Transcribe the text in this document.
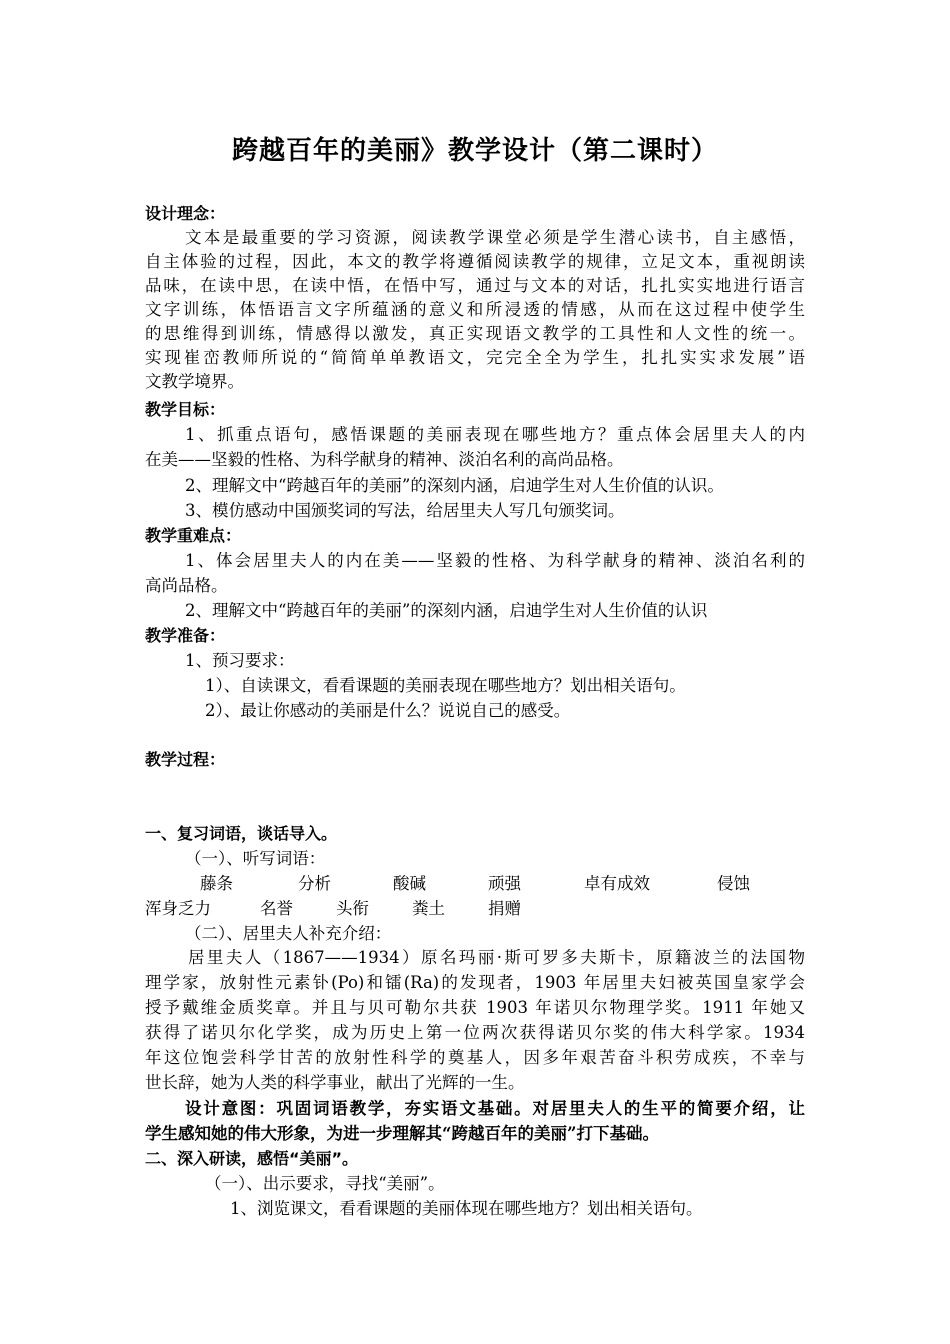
跨越百年的美丽》教学设计（第二课时）
设计理念：
文本是最重要的学习资源，阅读教学课堂必须是学生潜心读书，自主感悟，
自主体验的过程，因此，本文的教学将遵循阅读教学的规律，立足文本，重视朗读
品味，在读中思，在读中悟，在悟中写，通过与文本的对话，扎扎实实地进行语言
文字训练，体悟语言文字所蕴涵的意义和所浸透的情感，从而在这过程中使学生
的思维得到训练，情感得以激发，真正实现语文教学的工具性和人文性的统一。
实现崔峦教师所说的“简简单单教语文，完完全全为学生，扎扎实实求发展”语
文教学境界。
教学目标：
1、抓重点语句，感悟课题的美丽表现在哪些地方？重点体会居里夫人的内
在美——坚毅的性格、为科学献身的精神、淡泊名利的高尚品格。
2、理解文中“跨越百年的美丽”的深刻内涵，启迪学生对人生价值的认识。
3、模仿感动中国颁奖词的写法，给居里夫人写几句颁奖词。
教学重难点：
1、体会居里夫人的内在美——坚毅的性格、为科学献身的精神、淡泊名利的
高尚品格。
2、理解文中“跨越百年的美丽”的深刻内涵，启迪学生对人生价值的认识
教学准备：
1、预习要求：
1）、自读课文，看看课题的美丽表现在哪些地方？划出相关语句。
2）、最让你感动的美丽是什么？说说自己的感受。
教学过程：
一、复习词语，谈话导入。
（一）、听写词语：
藤条	分析	酸碱	顽强	卓有成效	侵蚀
浑身乏力	名誉	头衔	粪土	捐赠
（二）、居里夫人补充介绍：
居里夫人（1867——1934）原名玛丽·斯可罗多夫斯卡，原籍波兰的法国物
理学家，放射性元素钋(Po)和镭(Ra)的发现者，1903 年居里夫妇被英国皇家学会
授予戴维金质奖章。并且与贝可勒尔共获 1903 年诺贝尔物理学奖。1911 年她又
获得了诺贝尔化学奖，成为历史上第一位两次获得诺贝尔奖的伟大科学家。1934
年这位饱尝科学甘苦的放射性科学的奠基人，因多年艰苦奋斗积劳成疾，不幸与
世长辞，她为人类的科学事业，献出了光辉的一生。
设计意图：巩固词语教学，夯实语文基础。对居里夫人的生平的简要介绍，让
学生感知她的伟大形象，为进一步理解其“跨越百年的美丽”打下基础。
二、深入研读，感悟“美丽”。
（一）、出示要求，寻找“美丽”。
1、浏览课文，看看课题的美丽体现在哪些地方？划出相关语句。
